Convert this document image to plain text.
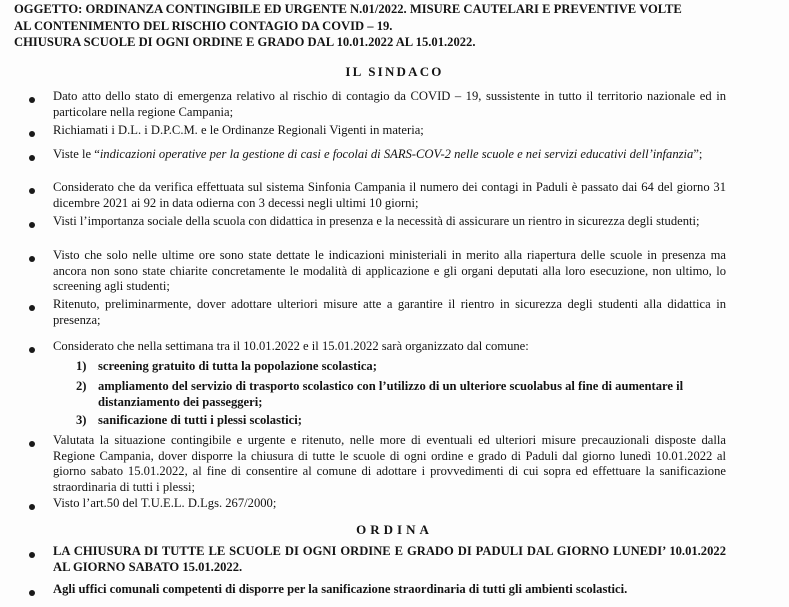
OGGETTO: ORDINANZA CONTINGIBILE ED URGENTE N.01/2022. MISURE CAUTELARI E PREVENTIVE VOLTE
AL CONTENIMENTO DEL RISCHIO CONTAGIO DA COVID – 19.
CHIUSURA SCUOLE DI OGNI ORDINE E GRADO DAL 10.01.2022 AL 15.01.2022.
IL SINDACO
Dato atto dello stato di emergenza relativo al rischio di contagio da COVID – 19, sussistente in tutto il territorio nazionale ed in particolare nella regione Campania;
Richiamati i D.L. i D.P.C.M. e le Ordinanze Regionali Vigenti in materia;
Viste le “indicazioni operative per la gestione di casi e focolai di SARS-COV-2 nelle scuole e nei servizi educativi dell’infanzia”;
Considerato che da verifica effettuata sul sistema Sinfonia Campania il numero dei contagi in Paduli è passato dai 64 del giorno 31 dicembre 2021 ai 92 in data odierna con 3 decessi negli ultimi 10 giorni;
Visti l’importanza sociale della scuola con didattica in presenza e la necessità di assicurare un rientro in sicurezza degli studenti;
Visto che solo nelle ultime ore sono state dettate le indicazioni ministeriali in merito alla riapertura delle scuole in presenza ma ancora non sono state chiarite concretamente le modalità di applicazione e gli organi deputati alla loro esecuzione, non ultimo, lo screening agli studenti;
Ritenuto, preliminarmente, dover adottare ulteriori misure atte a garantire il rientro in sicurezza degli studenti alla didattica in presenza;
Considerato che nella settimana tra il 10.01.2022 e il 15.01.2022 sarà organizzato dal comune:
1) screening gratuito di tutta la popolazione scolastica;
2) ampliamento del servizio di trasporto scolastico con l’utilizzo di un ulteriore scuolabus al fine di aumentare il distanziamento dei passeggeri;
3) sanificazione di tutti i plessi scolastici;
Valutata la situazione contingibile e urgente e ritenuto, nelle more di eventuali ed ulteriori misure precauzionali disposte dalla Regione Campania, dover disporre la chiusura di tutte le scuole di ogni ordine e grado di Paduli dal giorno lunedì 10.01.2022 al giorno sabato 15.01.2022, al fine di consentire al comune di adottare i provvedimenti di cui sopra ed effettuare la sanificazione straordinaria di tutti i plessi;
Visto l’art.50 del T.U.E.L. D.Lgs. 267/2000;
ORDINA
LA CHIUSURA DI TUTTE LE SCUOLE DI OGNI ORDINE E GRADO DI PADULI DAL GIORNO LUNEDI’ 10.01.2022 AL GIORNO SABATO 15.01.2022.
Agli uffici comunali competenti di disporre per la sanificazione straordinaria di tutti gli ambienti scolastici.
